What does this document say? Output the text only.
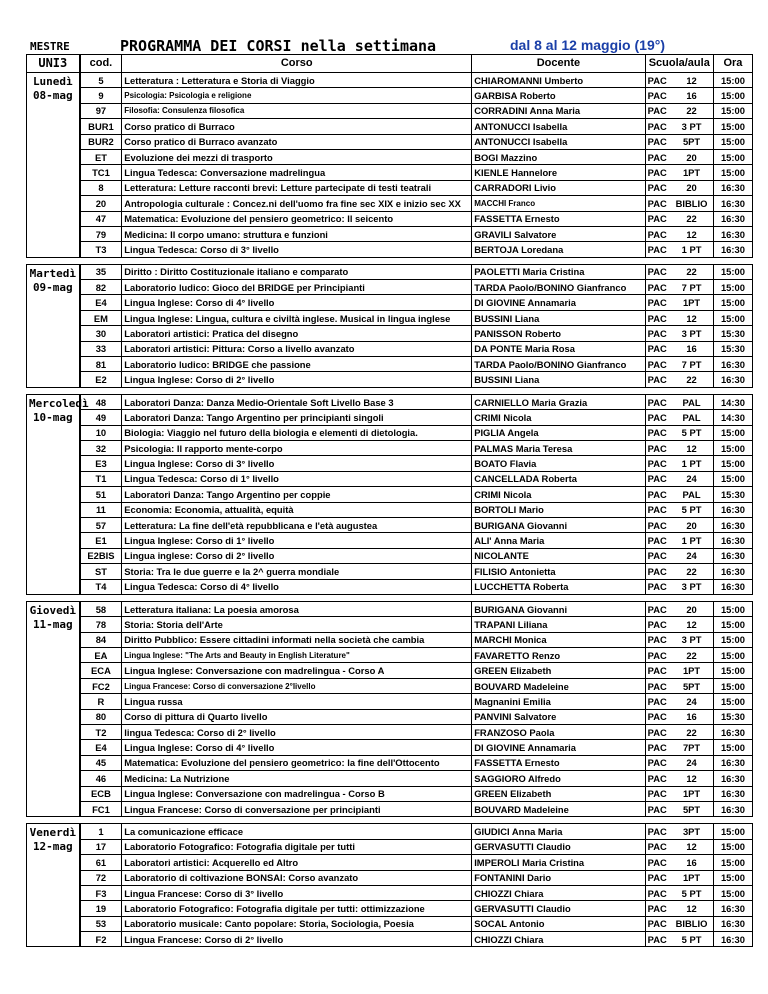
MESTRE	PROGRAMMA DEI CORSI nella settimana	dal 8 al 12 maggio (19°)
UNI3	cod.	Corso	Docente	Scuola/aula		Ora

Lunedì
08-mag	5	Letteratura : Letteratura e Storia di Viaggio	CHIAROMANNI Umberto	PAC	12	15:00
	9	Psicologia: Psicologia e religione	GARBISA Roberto	PAC	16	15:00
	97	Filosofia: Consulenza filosofica	CORRADINI Anna Maria	PAC	22	15:00
	BUR1	Corso pratico di Burraco	ANTONUCCI Isabella	PAC	3 PT	15:00
	BUR2	Corso pratico di Burraco avanzato	ANTONUCCI Isabella	PAC	5PT	15:00
	ET	Evoluzione dei mezzi di trasporto	BOGI Mazzino	PAC	20	15:00
	TC1	Lingua Tedesca: Conversazione madrelingua	KIENLE Hannelore	PAC	1PT	15:00
	8	Letteratura: Letture racconti brevi: Letture partecipate di testi teatrali	CARRADORI Livio	PAC	20	16:30
	20	Antropologia culturale : Concez.ni dell'uomo fra fine sec XIX e inizio sec XX	MACCHI Franco	PAC	BIBLIO	16:30
	47	Matematica: Evoluzione del pensiero geometrico: Il seicento	FASSETTA Ernesto	PAC	22	16:30
	79	Medicina: Il corpo umano: struttura e funzioni	GRAVILI Salvatore	PAC	12	16:30
	T3	Lingua Tedesca: Corso di 3° livello	BERTOJA Loredana	PAC	1 PT	16:30

Martedì
09-mag	35	Diritto : Diritto Costituzionale italiano e comparato	PAOLETTI Maria Cristina	PAC	22	15:00
	82	Laboratorio ludico: Gioco del BRIDGE per Principianti	TARDA Paolo/BONINO Gianfranco	PAC	7 PT	15:00
	E4	Lingua Inglese: Corso di 4° livello	DI GIOVINE Annamaria	PAC	1PT	15:00
	EM	Lingua Inglese: Lingua, cultura e civiltà inglese. Musical in lingua inglese	BUSSINI Liana	PAC	12	15:00
	30	Laboratori artistici: Pratica del disegno	PANISSON Roberto	PAC	3 PT	15:30
	33	Laboratori artistici: Pittura: Corso a livello avanzato	DA PONTE Maria Rosa	PAC	16	15:30
	81	Laboratorio ludico: BRIDGE che passione	TARDA Paolo/BONINO Gianfranco	PAC	7 PT	16:30
	E2	Lingua Inglese: Corso di 2° livello	BUSSINI Liana	PAC	22	16:30

Mercoledì
10-mag	48	Laboratori Danza: Danza Medio-Orientale Soft Livello Base 3	CARNIELLO Maria Grazia	PAC	PAL	14:30
	49	Laboratori Danza: Tango Argentino per principianti singoli	CRIMI Nicola	PAC	PAL	14:30
	10	Biologia: Viaggio nel futuro della biologia e elementi di dietologia.	PIGLIA Angela	PAC	5 PT	15:00
	32	Psicologia: Il rapporto mente-corpo	PALMAS Maria Teresa	PAC	12	15:00
	E3	Lingua Inglese: Corso di 3° livello	BOATO Flavia	PAC	1 PT	15:00
	T1	Lingua Tedesca: Corso di 1° livello	CANCELLADA Roberta	PAC	24	15:00
	51	Laboratori Danza: Tango Argentino per coppie	CRIMI Nicola	PAC	PAL	15:30
	11	Economia: Economia, attualità, equità	BORTOLI Mario	PAC	5 PT	16:30
	57	Letteratura: La fine dell'età repubblicana e l'età augustea	BURIGANA Giovanni	PAC	20	16:30
	E1	Lingua Inglese: Corso di 1° livello	ALI' Anna Maria	PAC	1 PT	16:30
	E2BIS	Lingua inglese: Corso di 2° livello	NICOLANTE	PAC	24	16:30
	ST	Storia: Tra le due guerre e la 2^ guerra mondiale	FILISIO Antonietta	PAC	22	16:30
	T4	Lingua Tedesca: Corso di 4° livello	LUCCHETTA Roberta	PAC	3 PT	16:30

Giovedì
11-mag	58	Letteratura italiana: La poesia amorosa	BURIGANA Giovanni	PAC	20	15:00
	78	Storia: Storia dell'Arte	TRAPANI Liliana	PAC	12	15:00
	84	Diritto Pubblico: Essere cittadini informati nella società che cambia	MARCHI Monica	PAC	3 PT	15:00
	EA	Lingua Inglese: "The Arts and Beauty in English Literature"	FAVARETTO Renzo	PAC	22	15:00
	ECA	Lingua Inglese: Conversazione con madrelingua - Corso A	GREEN Elizabeth	PAC	1PT	15:00
	FC2	Lingua Francese: Corso di conversazione 2°livello	BOUVARD Madeleine	PAC	5PT	15:00
	R	Lingua russa	Magnanini Emilia	PAC	24	15:00
	80	Corso di pittura di Quarto livello	PANVINI Salvatore	PAC	16	15:30
	T2	lingua Tedesca: Corso di 2° livello	FRANZOSO Paola	PAC	22	16:30
	E4	Lingua Inglese: Corso di 4° livello	DI GIOVINE Annamaria	PAC	7PT	15:00
	45	Matematica: Evoluzione del pensiero geometrico: la fine dell'Ottocento	FASSETTA Ernesto	PAC	24	16:30
	46	Medicina: La Nutrizione	SAGGIORO Alfredo	PAC	12	16:30
	ECB	Lingua Inglese: Conversazione con madrelingua - Corso B	GREEN Elizabeth	PAC	1PT	16:30
	FC1	Lingua Francese: Corso di conversazione per principianti	BOUVARD Madeleine	PAC	5PT	16:30

Venerdì
12-mag	1	La comunicazione efficace	GIUDICI Anna Maria	PAC	3PT	15:00
	17	Laboratorio Fotografico: Fotografia digitale per tutti	GERVASUTTI Claudio	PAC	12	15:00
	61	Laboratori artistici: Acquerello ed Altro	IMPEROLI Maria Cristina	PAC	16	15:00
	72	Laboratorio di coltivazione BONSAI: Corso avanzato	FONTANINI Dario	PAC	1PT	15:00
	F3	Lingua Francese: Corso di 3° livello	CHIOZZI Chiara	PAC	5 PT	15:00
	19	Laboratorio Fotografico: Fotografia digitale per tutti: ottimizzazione	GERVASUTTI Claudio	PAC	12	16:30
	53	Laboratorio musicale: Canto popolare: Storia, Sociologia, Poesia	SOCAL Antonio	PAC	BIBLIO	16:30
	F2	Lingua Francese: Corso di 2° livello	CHIOZZI Chiara	PAC	5 PT	16:30
